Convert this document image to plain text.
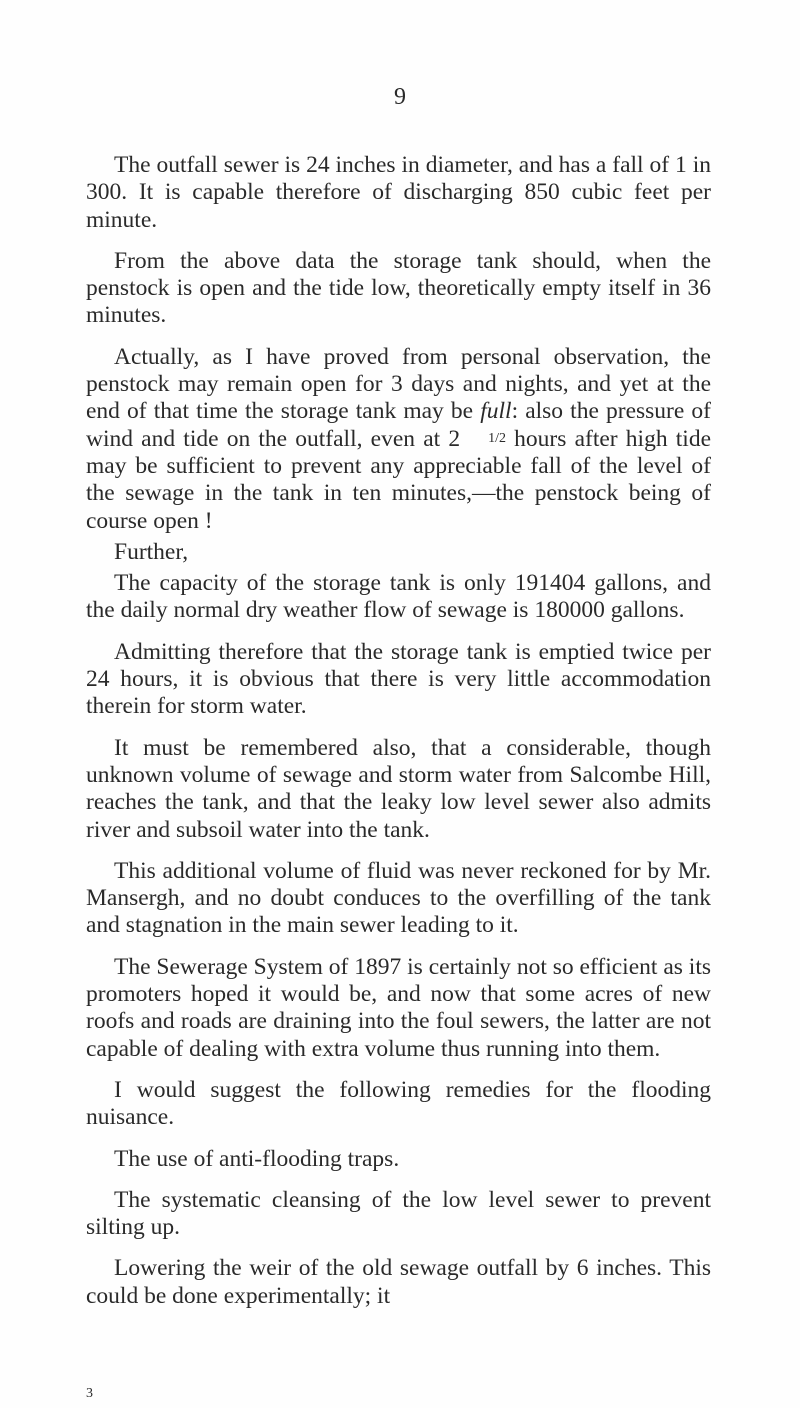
9

The outfall sewer is 24 inches in diameter, and has a fall of 1 in 300. It is capable therefore of discharging 850 cubic feet per minute.

From the above data the storage tank should, when the penstock is open and the tide low, theoretically empty itself in 36 minutes.

Actually, as I have proved from personal observation, the penstock may remain open for 3 days and nights, and yet at the end of that time the storage tank may be full: also the pressure of wind and tide on the outfall, even at 2 1/2 hours after high tide may be sufficient to prevent any appreciable fall of the level of the sewage in the tank in ten minutes,—the penstock being of course open !

Further,

The capacity of the storage tank is only 191404 gallons, and the daily normal dry weather flow of sewage is 180000 gallons.

Admitting therefore that the storage tank is emptied twice per 24 hours, it is obvious that there is very little accommodation therein for storm water.

It must be remembered also, that a considerable, though unknown volume of sewage and storm water from Salcombe Hill, reaches the tank, and that the leaky low level sewer also admits river and subsoil water into the tank.

This additional volume of fluid was never reckoned for by Mr. Mansergh, and no doubt conduces to the overfilling of the tank and stagnation in the main sewer leading to it.

The Sewerage System of 1897 is certainly not so efficient as its promoters hoped it would be, and now that some acres of new roofs and roads are draining into the foul sewers, the latter are not capable of dealing with extra volume thus running into them.

I would suggest the following remedies for the flooding nuisance.

The use of anti-flooding traps.

The systematic cleansing of the low level sewer to prevent silting up.

Lowering the weir of the old sewage outfall by 6 inches. This could be done experimentally; it

3
